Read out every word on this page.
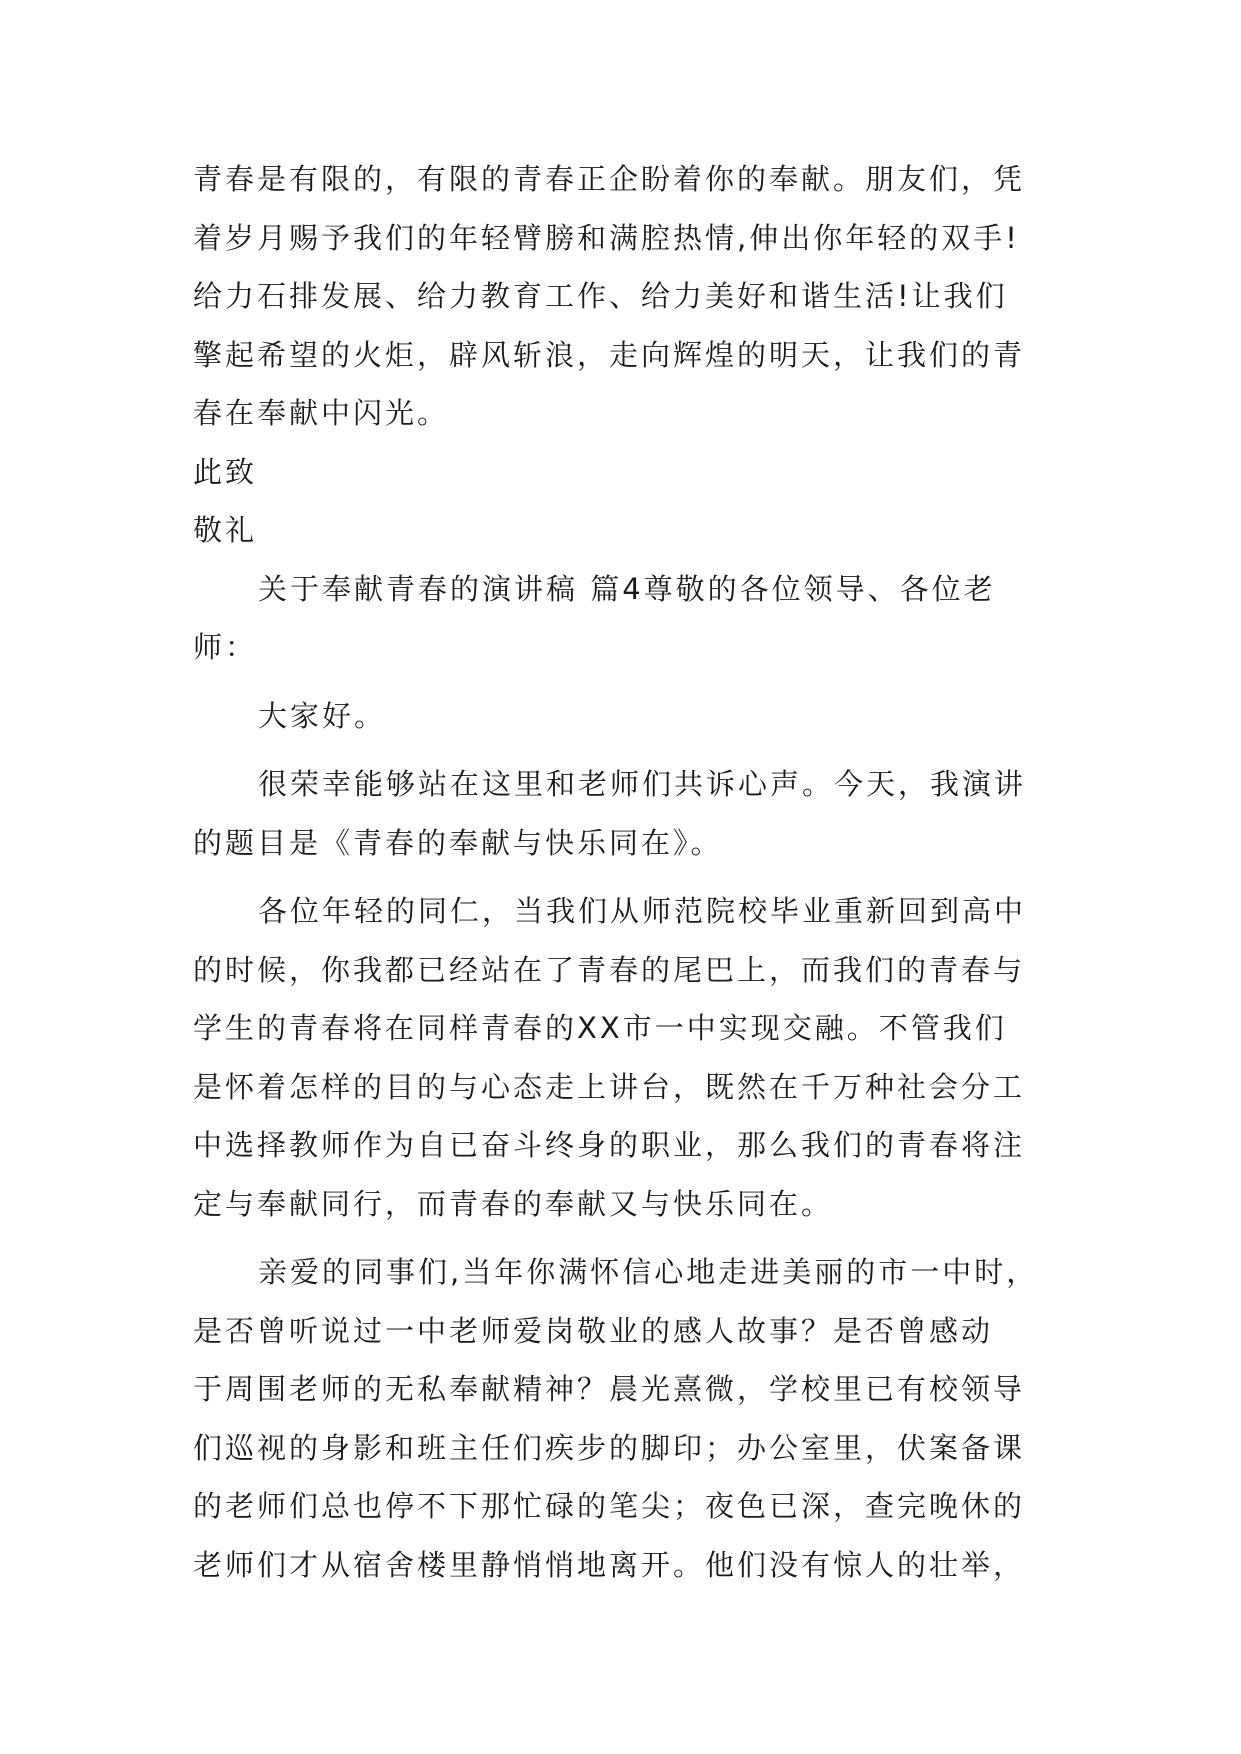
青春是有限的，有限的青春正企盼着你的奉献。朋友们，凭
着岁月赐予我们的年轻臂膀和满腔热情,伸出你年轻的双手!
给力石排发展、给力教育工作、给力美好和谐生活!让我们
擎起希望的火炬，辟风斩浪，走向辉煌的明天，让我们的青
春在奉献中闪光。
此致
敬礼
关于奉献青春的演讲稿 篇4尊敬的各位领导、各位老
师：
大家好。
很荣幸能够站在这里和老师们共诉心声。今天，我演讲
的题目是《青春的奉献与快乐同在》。
各位年轻的同仁，当我们从师范院校毕业重新回到高中
的时候，你我都已经站在了青春的尾巴上，而我们的青春与
学生的青春将在同样青春的XX市一中实现交融。不管我们
是怀着怎样的目的与心态走上讲台，既然在千万种社会分工
中选择教师作为自已奋斗终身的职业，那么我们的青春将注
定与奉献同行，而青春的奉献又与快乐同在。
亲爱的同事们,当年你满怀信心地走进美丽的市一中时，
是否曾听说过一中老师爱岗敬业的感人故事？是否曾感动
于周围老师的无私奉献精神？晨光熹微，学校里已有校领导
们巡视的身影和班主任们疾步的脚印；办公室里，伏案备课
的老师们总也停不下那忙碌的笔尖；夜色已深，查完晚休的
老师们才从宿舍楼里静悄悄地离开。他们没有惊人的壮举，
